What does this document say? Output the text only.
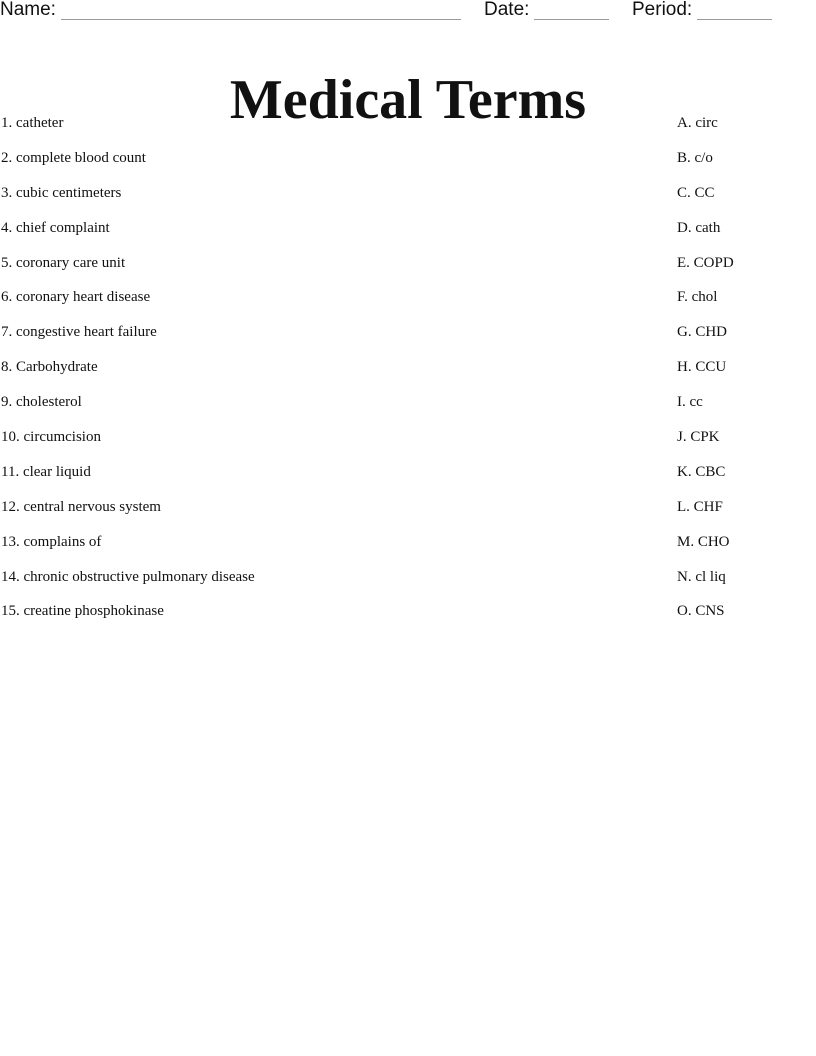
Name:	Date:	Period:
Medical Terms
1. catheter
2. complete blood count
3. cubic centimeters
4. chief complaint
5. coronary care unit
6. coronary heart disease
7. congestive heart failure
8. Carbohydrate
9. cholesterol
10. circumcision
11. clear liquid
12. central nervous system
13. complains of
14. chronic obstructive pulmonary disease
15. creatine phosphokinase
A. circ
B. c/o
C. CC
D. cath
E. COPD
F. chol
G. CHD
H. CCU
I. cc
J. CPK
K. CBC
L. CHF
M. CHO
N. cl liq
O. CNS
